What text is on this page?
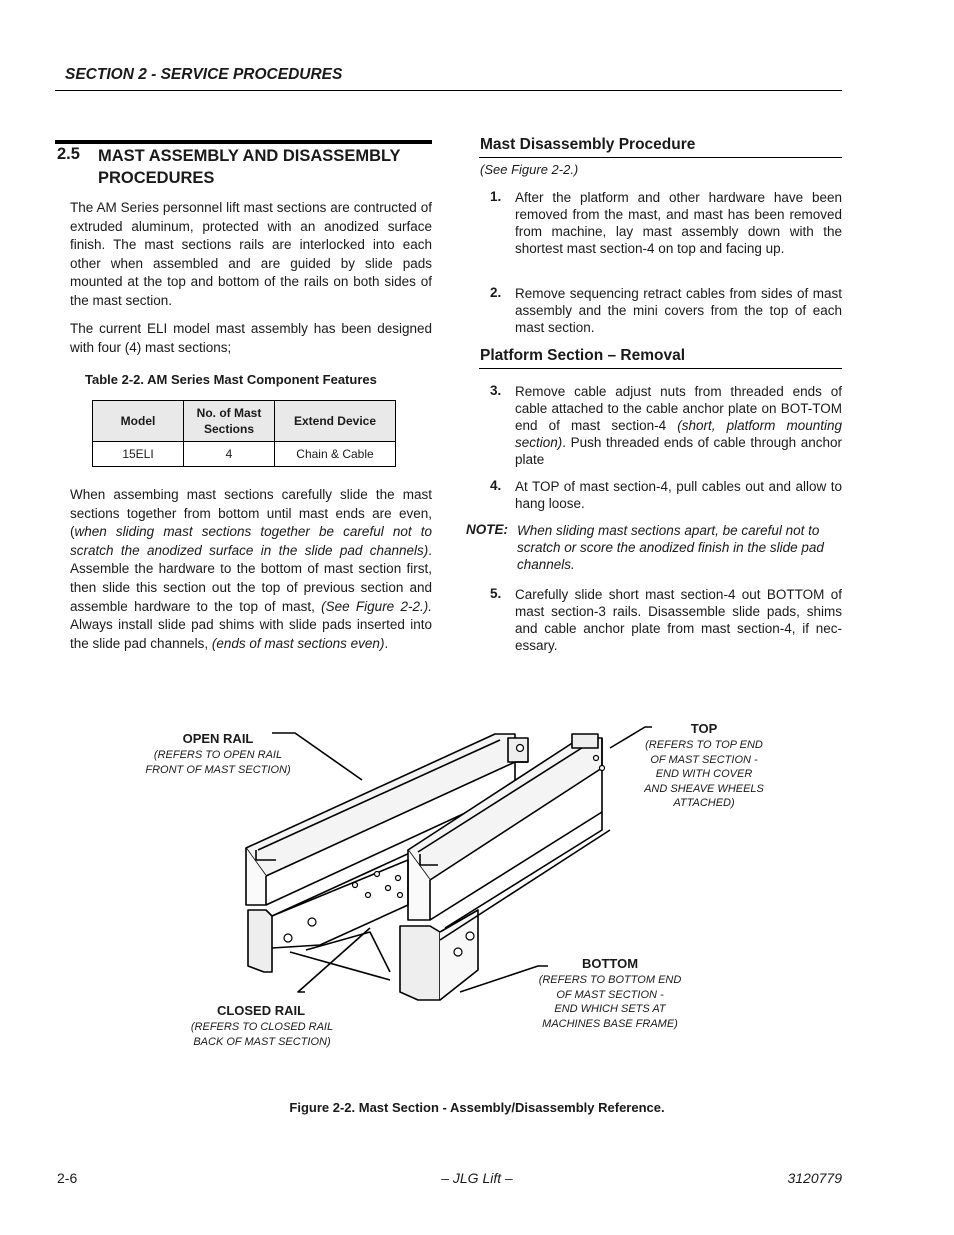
SECTION 2 - SERVICE PROCEDURES
2.5 MAST ASSEMBLY AND DISASSEMBLY PROCEDURES
The AM Series personnel lift mast sections are contructed of extruded aluminum, protected with an anodized surface finish. The mast sections rails are interlocked into each other when assembled and are guided by slide pads mounted at the top and bottom of the rails on both sides of the mast section.
The current ELI model mast assembly has been designed with four (4) mast sections;
Table 2-2. AM Series Mast Component Features
Model	No. of Mast Sections	Extend Device
15ELI	4	Chain & Cable
When assembing mast sections carefully slide the mast sections together from bottom until mast ends are even, (when sliding mast sections together be careful not to scratch the anodized surface in the slide pad channels). Assemble the hardware to the bottom of mast section first, then slide this section out the top of previous section and assemble hardware to the top of mast, (See Figure 2-2.). Always install slide pad shims with slide pads inserted into the slide pad channels, (ends of mast sections even).
Mast Disassembly Procedure
(See Figure 2-2.)
1. After the platform and other hardware have been removed from the mast, and mast has been removed from machine, lay mast assembly down with the shortest mast section-4 on top and facing up.
2. Remove sequencing retract cables from sides of mast assembly and the mini covers from the top of each mast section.
Platform Section – Removal
3. Remove cable adjust nuts from threaded ends of cable attached to the cable anchor plate on BOT-TOM end of mast section-4 (short, platform mounting section). Push threaded ends of cable through anchor plate
4. At TOP of mast section-4, pull cables out and allow to hang loose.
NOTE: When sliding mast sections apart, be careful not to scratch or score the anodized finish in the slide pad channels.
5. Carefully slide short mast section-4 out BOTTOM of mast section-3 rails. Disassemble slide pads, shims and cable anchor plate from mast section-4, if nec-essary.
OPEN RAIL
(REFERS TO OPEN RAIL
FRONT OF MAST SECTION)
TOP
(REFERS TO TOP END
OF MAST SECTION -
END WITH COVER
AND SHEAVE WHEELS
ATTACHED)
BOTTOM
(REFERS TO BOTTOM END
OF MAST SECTION -
END WHICH SETS AT
MACHINES BASE FRAME)
CLOSED RAIL
(REFERS TO CLOSED RAIL
BACK OF MAST SECTION)
Figure 2-2. Mast Section - Assembly/Disassembly Reference.
2-6	– JLG Lift –	3120779
